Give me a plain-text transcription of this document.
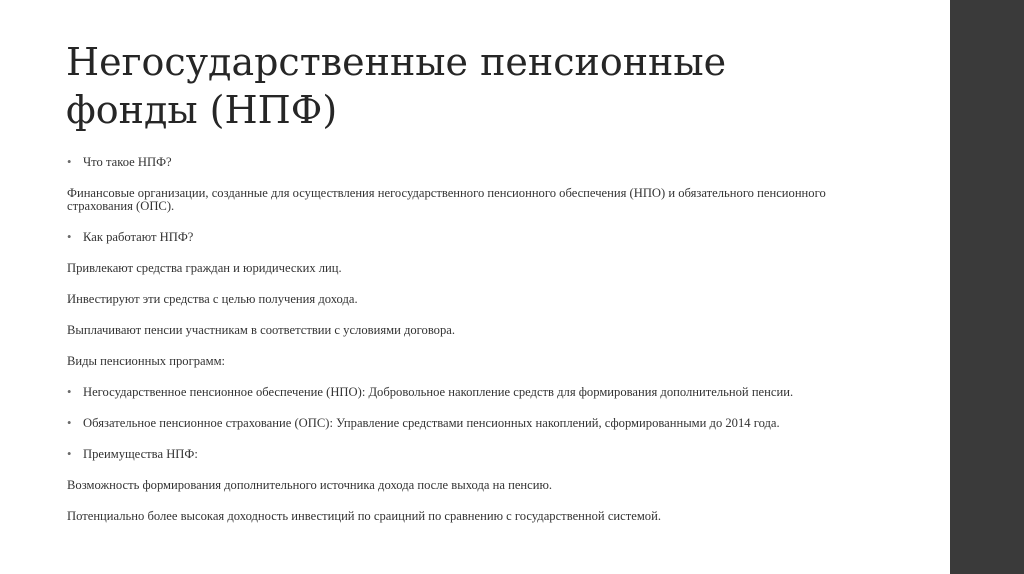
Негосударственные пенсионные
фонды (НПФ)
• Что такое НПФ?

Финансовые организации, созданные для осуществления негосударственного пенсионного обеспечения (НПО) и обязательного пенсионного страхования (ОПС).

• Как работают НПФ?

Привлекают средства граждан и юридических лиц.

Инвестируют эти средства с целью получения дохода.

Выплачивают пенсии участникам в соответствии с условиями договора.

Виды пенсионных программ:

• Негосударственное пенсионное обеспечение (НПО): Добровольное накопление средств для формирования дополнительной пенсии.
• Обязательное пенсионное страхование (ОПС): Управление средствами пенсионных накоплений, сформированными до 2014 года.
• Преимущества НПФ:

Возможность формирования дополнительного источника дохода после выхода на пенсию.

Потенциально более высокая доходность инвестиций по сраицний по сравнению с государственной системой.
